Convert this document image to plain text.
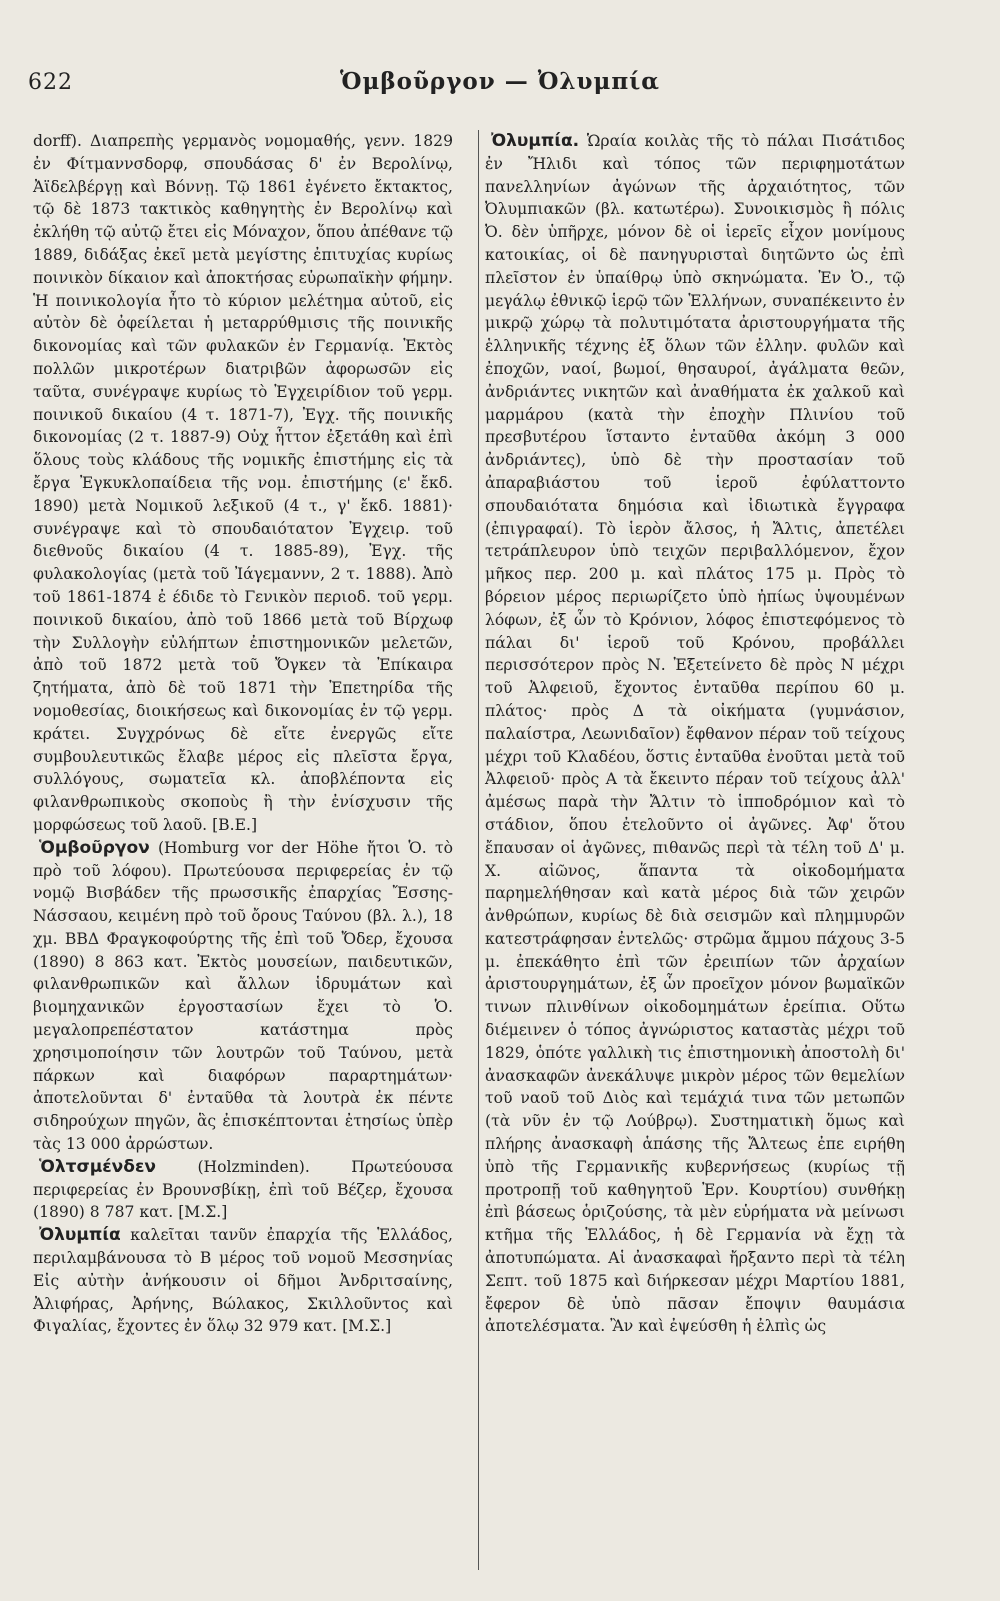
622	Ὁμβοῦργον — Ὀλυμπία

dorff). Διαπρεπὴς γερμανὸς νομομαθής, γενν. 1829 ἐν Φίτμαννσδορφ, σπουδάσας δ' ἐν Βερολίνῳ, Ἀϊδελβέργῃ καὶ Βόννῃ. Τῷ 1861 ἐγένετο ἔκτακτος, τῷ δὲ 1873 τακτικὸς καθηγητὴς ἐν Βερολίνῳ καὶ ἐκλήθη τῷ αὐτῷ ἔτει εἰς Μόναχον, ὅπου ἀπέθανε τῷ 1889, διδάξας ἐκεῖ μετὰ μεγίστης ἐπιτυχίας κυρίως ποινικὸν δίκαιον καὶ ἀποκτήσας εὐρωπαϊκὴν φήμην. Ἡ ποινικολογία ἦτο τὸ κύριον μελέτημα αὐτοῦ, εἰς αὐτὸν δὲ ὀφείλεται ἡ μεταρρύθμισις τῆς ποινικῆς δικονομίας καὶ τῶν φυλακῶν ἐν Γερμανίᾳ. Ἐκτὸς πολλῶν μικροτέρων διατριβῶν ἀφορωσῶν εἰς ταῦτα, συνέγραψε κυρίως τὸ Ἐγχειρίδιον τοῦ γερμ. ποινικοῦ δικαίου (4 τ. 1871-7), Ἐγχ. τῆς ποινικῆς δικονομίας (2 τ. 1887-9) Οὐχ ἧττον ἐξετάθη καὶ ἐπὶ ὅλους τοὺς κλάδους τῆς νομικῆς ἐπιστήμης εἰς τὰ ἔργα Ἐγκυκλοπαίδεια τῆς νομ. ἐπιστήμης (ε' ἔκδ. 1890) μετὰ Νομικοῦ λεξικοῦ (4 τ., γ' ἔκδ. 1881)· συνέγραψε καὶ τὸ σπουδαιότατον Ἐγχειρ. τοῦ διεθνοῦς δικαίου (4 τ. 1885-89), Ἐγχ. τῆς φυλακολογίας (μετὰ τοῦ Ἰάγεμαννν, 2 τ. 1888). Ἀπὸ τοῦ 1861-1874 ἐ έδιδε τὸ Γενικὸν περιοδ. τοῦ γερμ. ποινικοῦ δικαίου, ἀπὸ τοῦ 1866 μετὰ τοῦ Βίρχωφ τὴν Συλλογὴν εὐλήπτων ἐπιστημονικῶν μελετῶν, ἀπὸ τοῦ 1872 μετὰ τοῦ Ὄγκεν τὰ Ἐπίκαιρα ζητήματα, ἀπὸ δὲ τοῦ 1871 τὴν Ἐπετηρίδα τῆς νομοθεσίας, διοικήσεως καὶ δικονομίας ἐν τῷ γερμ. κράτει. Συγχρόνως δὲ εἴτε ἐνεργῶς εἴτε συμβουλευτικῶς ἔλαβε μέρος εἰς πλεῖστα ἔργα, συλλόγους, σωματεῖα κλ. ἀποβλέποντα εἰς φιλανθρωπικοὺς σκοποὺς ἢ τὴν ἐνίσχυσιν τῆς μορφώσεως τοῦ λαοῦ. [Β.Ε.]

Ὁμβοῦργον (Homburg vor der Höhe ἤτοι Ὁ. τὸ πρὸ τοῦ λόφου). Πρωτεύουσα περιφερείας ἐν τῷ νομῷ Βισβάδεν τῆς πρωσσικῆς ἐπαρχίας Ἔσσης-Νάσσαου, κειμένη πρὸ τοῦ ὄρους Ταύνου (βλ. λ.), 18 χμ. ΒΒΔ Φραγκοφούρτης τῆς ἐπὶ τοῦ Ὄδερ, ἔχουσα (1890) 8 863 κατ. Ἐκτὸς μουσείων, παιδευτικῶν, φιλανθρωπικῶν καὶ ἄλλων ἱδρυμάτων καὶ βιομηχανικῶν ἐργοστασίων ἔχει τὸ Ὁ. μεγαλοπρεπέστατον κατάστημα πρὸς χρησιμοποίησιν τῶν λουτρῶν τοῦ Ταύνου, μετὰ πάρκων καὶ διαφόρων παραρτημάτων· ἀποτελοῦνται δ' ἐνταῦθα τὰ λουτρὰ ἐκ πέντε σιδηρούχων πηγῶν, ἃς ἐπισκέπτονται ἐτησίως ὑπὲρ τὰς 13 000 ἀρρώστων.

Ὁλτσμένδεν (Holzminden). Πρωτεύουσα περιφερείας ἐν Βρουνσβίκῃ, ἐπὶ τοῦ Βέζερ, ἔχουσα (1890) 8 787 κατ. [Μ.Σ.]

Ὀλυμπία καλεῖται τανῦν ἐπαρχία τῆς Ἑλλάδος, περιλαμβάνουσα τὸ Β μέρος τοῦ νομοῦ Μεσσηνίας Εἰς αὐτὴν ἀνήκουσιν οἱ δῆμοι Ἀνδριτσαίνης, Ἀλιφήρας, Ἀρήνης, Βώλακος, Σκιλλοῦντος καὶ Φιγαλίας, ἔχοντες ἐν ὅλῳ 32 979 κατ. [Μ.Σ.]

Ὀλυμπία. Ὡραία κοιλὰς τῆς τὸ πάλαι Πισάτιδος ἐν Ἤλιδι καὶ τόπος τῶν περιφημοτάτων πανελληνίων ἀγώνων τῆς ἀρχαιότητος, τῶν Ὀλυμπιακῶν (βλ. κατωτέρω). Συνοικισμὸς ἢ πόλις Ὀ. δὲν ὑπῆρχε, μόνον δὲ οἱ ἱερεῖς εἶχον μονίμους κατοικίας, οἱ δὲ πανηγυρισταὶ διητῶντο ὡς ἐπὶ πλεῖστον ἐν ὑπαίθρῳ ὑπὸ σκηνώματα. Ἐν Ὀ., τῷ μεγάλῳ ἐθνικῷ ἱερῷ τῶν Ἑλλήνων, συναπέκειντο ἐν μικρῷ χώρῳ τὰ πολυτιμότατα ἀριστουργήματα τῆς ἑλληνικῆς τέχνης ἐξ ὅλων τῶν ἐλλην. φυλῶν καὶ ἐποχῶν, ναοί, βωμοί, θησαυροί, ἀγάλματα θεῶν, ἀνδριάντες νικητῶν καὶ ἀναθήματα ἐκ χαλκοῦ καὶ μαρμάρου (κατὰ τὴν ἐποχὴν Πλινίου τοῦ πρεσβυτέρου ἵσταντο ἐνταῦθα ἀκόμη 3 000 ἀνδριάντες), ὑπὸ δὲ τὴν προστασίαν τοῦ ἀπαραβιάστου τοῦ ἱεροῦ ἐφύλαττοντο σπουδαιότατα δημόσια καὶ ἰδιωτικὰ ἔγγραφα (ἐπιγραφαί). Τὸ ἱερὸν ἄλσος, ἡ Ἄλτις, ἀπετέλει τετράπλευρον ὑπὸ τειχῶν περιβαλλόμενον, ἔχον μῆκος περ. 200 μ. καὶ πλάτος 175 μ. Πρὸς τὸ βόρειον μέρος περιωρίζετο ὑπὸ ἠπίως ὑψουμένων λόφων, ἐξ ὧν τὸ Κρόνιον, λόφος ἐπιστεφόμενος τὸ πάλαι δι' ἱεροῦ τοῦ Κρόνου, προβάλλει περισσότερον πρὸς Ν. Ἐξετείνετο δὲ πρὸς Ν μέχρι τοῦ Ἀλφειοῦ, ἔχοντος ἐνταῦθα περίπου 60 μ. πλάτος· πρὸς Δ τὰ οἰκήματα (γυμνάσιον, παλαίστρα, Λεωνιδαῖον) ἔφθανον πέραν τοῦ τείχους μέχρι τοῦ Κλαδέου, ὅστις ἐνταῦθα ἐνοῦται μετὰ τοῦ Ἀλφειοῦ· πρὸς Α τὰ ἔκειντο πέραν τοῦ τείχους ἀλλ' ἀμέσως παρὰ τὴν Ἄλτιν τὸ ἱπποδρόμιον καὶ τὸ στάδιον, ὅπου ἐτελοῦντο οἱ ἀγῶνες. Ἀφ' ὅτου ἔπαυσαν οἱ ἀγῶνες, πιθανῶς περὶ τὰ τέλη τοῦ Δ' μ. Χ. αἰῶνος, ἅπαντα τὰ οἰκοδομήματα παρημελήθησαν καὶ κατὰ μέρος διὰ τῶν χειρῶν ἀνθρώπων, κυρίως δὲ διὰ σεισμῶν καὶ πλημμυρῶν κατεστράφησαν ἐντελῶς· στρῶμα ἄμμου πάχους 3-5 μ. ἐπεκάθητο ἐπὶ τῶν ἐρειπίων τῶν ἀρχαίων ἀριστουργημάτων, ἐξ ὧν προεῖχον μόνον βωμαϊκῶν τινων πλινθίνων οἰκοδομημάτων ἐρείπια. Οὕτω διέμεινεν ὁ τόπος ἀγνώριστος καταστὰς μέχρι τοῦ 1829, ὁπότε γαλλικὴ τις ἐπιστημονικὴ ἀποστολὴ δι' ἀνασκαφῶν ἀνεκάλυψε μικρὸν μέρος τῶν θεμελίων τοῦ ναοῦ τοῦ Διὸς καὶ τεμάχιά τινα τῶν μετωπῶν (τὰ νῦν ἐν τῷ Λούβρῳ). Συστηματικὴ ὅμως καὶ πλήρης ἀνασκαφὴ ἁπάσης τῆς Ἄλτεως ἐπε ειρήθη ὑπὸ τῆς Γερμανικῆς κυβερνήσεως (κυρίως τῇ προτροπῇ τοῦ καθηγητοῦ Ἐρν. Κουρτίου) συνθήκῃ ἐπὶ βάσεως ὁριζούσης, τὰ μὲν εὑρήματα νὰ μείνωσι κτῆμα τῆς Ἑλλάδος, ἡ δὲ Γερμανία νὰ ἔχῃ τὰ ἀποτυπώματα. Αἱ ἀνασκαφαὶ ἤρξαντο περὶ τὰ τέλη Σεπτ. τοῦ 1875 καὶ διήρκεσαν μέχρι Μαρτίου 1881, ἔφερον δὲ ὑπὸ πᾶσαν ἔποψιν θαυμάσια ἀποτελέσματα. Ἂν καὶ ἐψεύσθη ἡ ἐλπὶς ὡς
